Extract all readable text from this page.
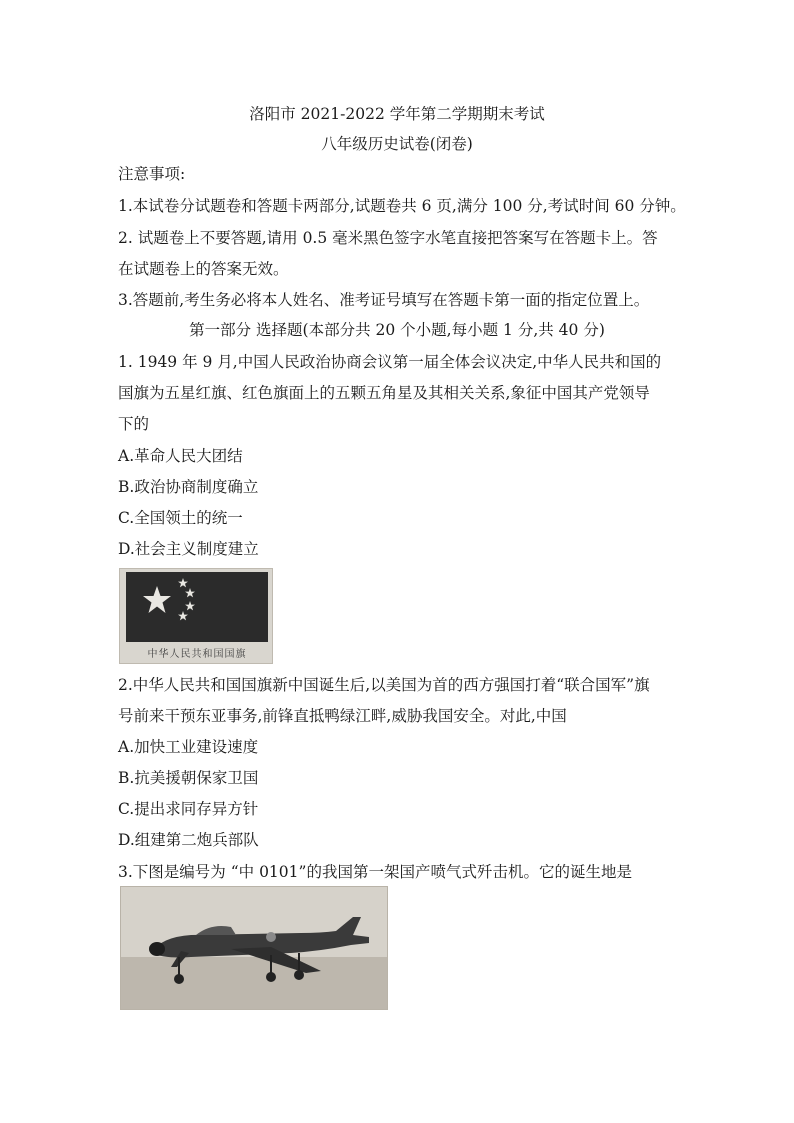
洛阳市 2021-2022 学年第二学期期末考试
八年级历史试卷(闭卷)
注意事项:
1.本试卷分试题卷和答题卡两部分,试题卷共 6 页,满分 100 分,考试时间 60 分钟。
2. 试题卷上不要答题,请用 0.5 毫米黑色签字水笔直接把答案写在答题卡上。答
在试题卷上的答案无效。
3.答题前,考生务必将本人姓名、准考证号填写在答题卡第一面的指定位置上。
第一部分 选择题(本部分共 20 个小题,每小题 1 分,共 40 分)
1. 1949 年 9 月,中国人民政治协商会议第一届全体会议决定,中华人民共和国的
国旗为五星红旗、红色旗面上的五颗五角星及其相关关系,象征中国其产党领导
下的
A.革命人民大团结
B.政治协商制度确立
C.全国领土的统一
D.社会主义制度建立
中华人民共和国国旗
2.中华人民共和国国旗新中国诞生后,以美国为首的西方强国打着“联合国军”旗
号前来干预东亚事务,前锋直抵鸭绿江畔,威胁我国安全。对此,中国
A.加快工业建设速度
B.抗美援朝保家卫国
C.提出求同存异方针
D.组建第二炮兵部队
3.下图是编号为 “中 0101”的我国第一架国产喷气式歼击机。它的诞生地是
